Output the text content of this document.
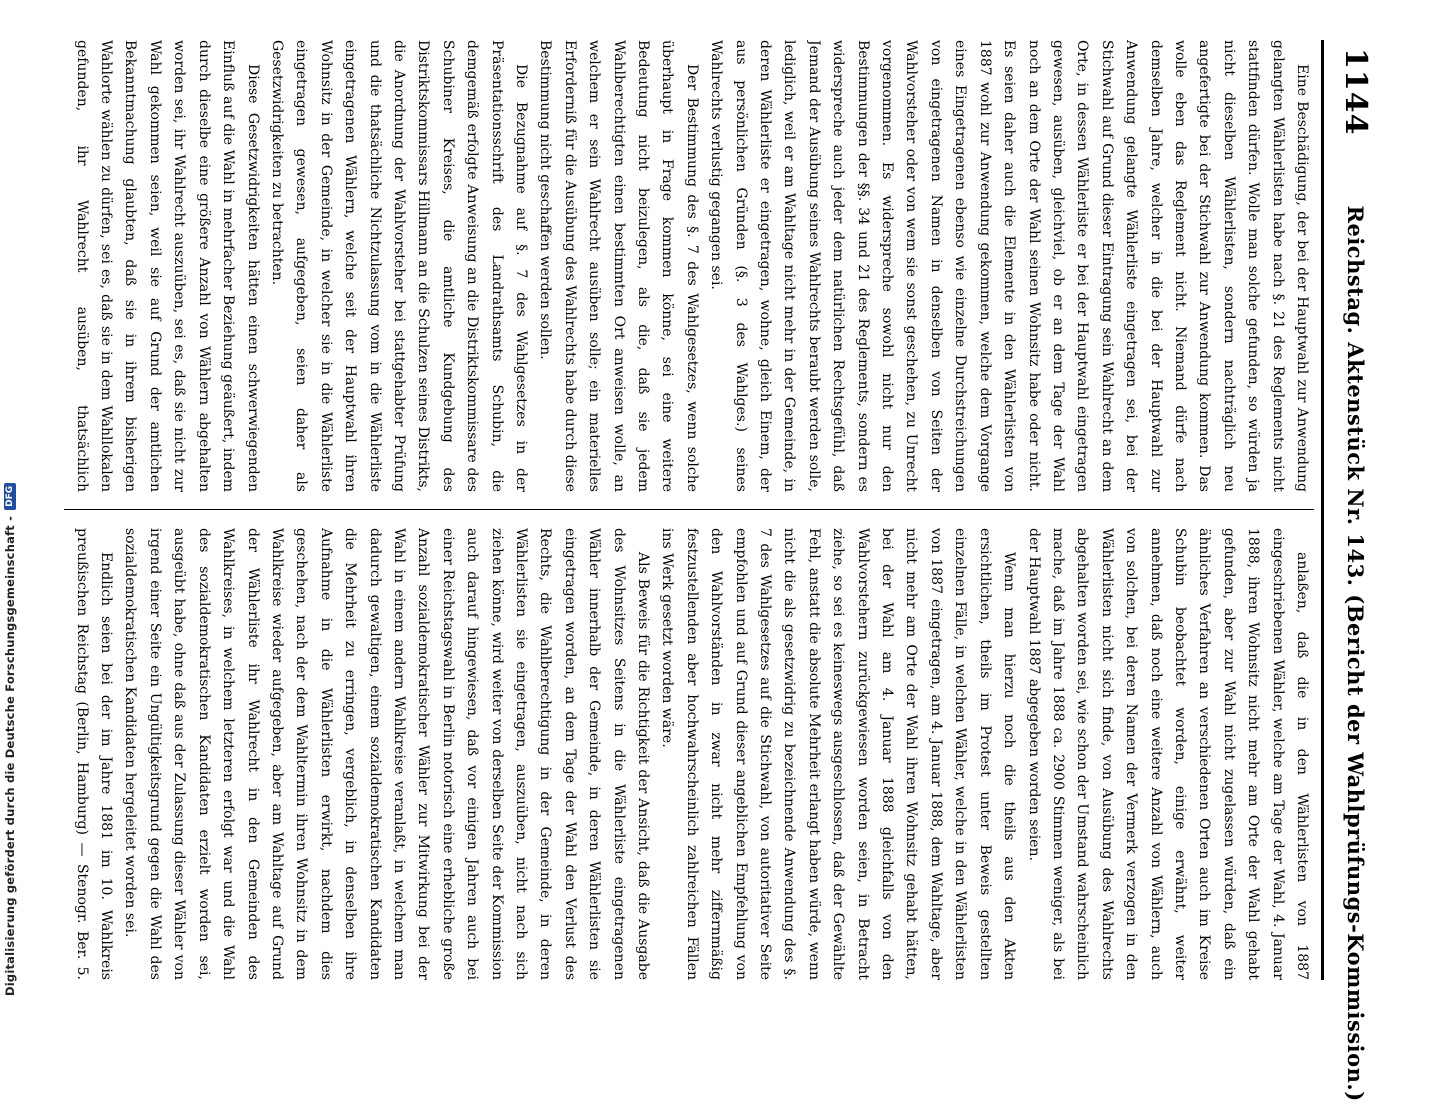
1144
Reichstag. Aktenstück Nr. 143. (Bericht der Wahlprüfungs-Kommission.)

Eine Beschädigung, der bei der Hauptwahl zur Anwendung gelangten Wählerlisten habe nach §. 21 des Reglements nicht stattfinden dürfen. Wolle man solche gefunden, so würden ja nicht dieselben Wählerlisten, sondern nachträglich neu angefertigte bei der Stichwahl zur Anwendung kommen. Das wolle eben das Reglement nicht. Niemand dürfe nach demselben Jahre, welcher in die bei der Hauptwahl zur Anwendung gelangte Wählerliste eingetragen sei, bei der Stichwahl auf Grund dieser Eintragung sein Wahlrecht an dem Orte, in dessen Wählerliste er bei der Hauptwahl eingetragen gewesen, ausüben, gleichviel, ob er an dem Tage der Wahl noch an dem Orte der Wahl seinen Wohnsitz habe oder nicht. Es seien daher auch die Elemente in den Wählerlisten von 1887 wohl zur Anwendung gekommen, welche dem Vorgange eines Eingetragenen ebenso wie einzelne Durchstreichungen von eingetragenen Namen in denselben von Seiten der Wahlvorsteher oder von wem sie sonst geschehen, zu Unrecht vorgenommen. Es widerspreche sowohl nicht nur den Bestimmungen der §§. 34 und 21 des Reglements, sondern es widerspreche auch jeder dem natürlichen Rechtsgefühl, daß Jemand der Ausübung seines Wahlrechts beraubt werden solle, lediglich, weil er am Wahltage nicht mehr in der Gemeinde, in deren Wählerliste er eingetragen, wohne, gleich Einem, der aus persönlichen Gründen (§. 3 des Wahlges.) seines Wahlrechts verlustig gegangen sei.

Der Bestimmung des §. 7 des Wahlgesetzes, wenn solche überhaupt in Frage kommen könne, sei eine weitere Bedeutung nicht beizulegen, als die, daß sie jedem Wahlberechtigten einen bestimmten Ort anweisen wolle, an welchem er sein Wahlrecht ausüben solle; ein materielles Erforderniß für die Ausübung des Wahlrechts habe durch diese Bestimmung nicht geschaffen werden sollen.

Die Bezugnahme auf §. 7 des Wahlgesetzes in der Präsentationsschrift des Landrathsamts Schubin, die demgemäß erfolgte Anweisung an die Distriktskommissare des Schubiner Kreises, die amtliche Kundgebung des Distriktskommissars Hillmann an die Schulzen seines Distrikts, die Anordnung der Wahlvorsteher bei stattgehabter Prüfung und die thatsächliche Nichtzulassung vom in die Wählerliste eingetragenen Wählern, welche seit der Hauptwahl ihren Wohnsitz in der Gemeinde, in welcher sie in die Wählerliste eingetragen gewesen, aufgegeben, seien daher als Gesetzwidrigkeiten zu betrachten.

Diese Gesetzwidrigkeiten hätten einen schwerwiegenden Einfluß auf die Wahl in mehrfacher Beziehung geäußert, indem durch dieselbe eine größere Anzahl von Wählern abgehalten worden sei, ihr Wahlrecht auszuüben, sei es, daß sie nicht zur Wahl gekommen seien, weil sie auf Grund der amtlichen Bekanntmachung glaubten, daß sie in ihrem bisherigen Wahlorte wählen zu dürfen, sei es, daß sie in dem Wahllokalen gefunden, ihr Wahlrecht ausüben, thatsächlich

anlaßen, daß die in den Wählerlisten von 1887 eingeschriebenen Wähler, welche am Tage der Wahl, 4. Januar 1888, ihren Wohnsitz nicht mehr am Orte der Wahl gehabt gefunden, aber zur Wahl nicht zugelassen würden, daß ein ähnliches Verfahren an verschiedenen Orten auch im Kreise Schubin beobachtet worden, einige erwähnt, weiter annehmen, daß noch eine weitere Anzahl von Wählern, auch von solchen, bei deren Namen der Vermerk verzogen in den Wählerlisten nicht sich finde, von Ausübung des Wahlrechts abgehalten worden sei, wie schon der Umstand wahrscheinlich mache, daß im Jahre 1888 ca. 2900 Stimmen weniger, als bei der Hauptwahl 1887 abgegeben worden seien.

Wenn man hierzu noch die theils aus den Akten ersichtlichen, theils im Protest unter Beweis gestellten einzelnen Fälle, in welchen Wähler, welche in den Wählerlisten von 1887 eingetragen, am 4. Januar 1888, dem Wahltage, aber nicht mehr am Orte der Wahl ihren Wohnsitz gehabt hätten, bei der Wahl am 4. Januar 1888 gleichfalls von den Wahlvorstehern zurückgewiesen worden seien, in Betracht ziehe, so sei es keineswegs ausgeschlossen, daß der Gewählte Fehl, anstatt die absolute Mehrheit erlangt haben würde, wenn nicht die als gesetzwidrig zu bezeichnende Anwendung des §. 7 des Wahlgesetzes auf die Stichwahl, von autoritativer Seite empfohlen und auf Grund dieser angeblichen Empfehlung von den Wahlvorständen in zwar nicht mehr ziffernmäßig festzustellenden aber hochwahrscheinlich zahlreichen Fällen ins Werk gesetzt worden wäre.

Als Beweis für die Richtigkeit der Ansicht, daß die Ausgabe des Wohnsitzes Seitens in die Wählerliste eingetragenen Wähler innerhalb der Gemeinde, in deren Wählerlisten sie eingetragen worden, an dem Tage der Wahl den Verlust des Rechts, die Wahlberechtigung in der Gemeinde, in deren Wählerlisten sie eingetragen, auszuüben, nicht nach sich ziehen könne, wird weiter von derselben Seite der Kommission auch darauf hingewiesen, daß vor einigen Jahren auch bei einer Reichstagswahl in Berlin notorisch eine erhebliche große Anzahl sozialdemokratischer Wähler zur Mitwirkung bei der Wahl in einem andern Wahlkreise veranlaßt, in welchem man dadurch gewaltigen, einem sozialdemokratischen Kandidaten die Mehrheit zu erringen, vergeblich, in denselben ihre Aufnahme in die Wählerlisten erwirkt, nachdem dies geschehen, nach der dem Wahltermin ihren Wohnsitz in dem Wahlkreise wieder aufgegeben, aber am Wahltage auf Grund der Wählerliste ihr Wahlrecht in den Gemeinden des Wahlkreises, in welchem letzteren erfolgt war und die Wahl des sozialdemokratischen Kandidaten erzielt worden sei, ausgeübt habe, ohne daß aus der Zulassung dieser Wähler von irgend einer Seite ein Ungültigkeitsgrund gegen die Wahl des sozialdemokratischen Kandidaten hergeleitet worden sei.

Endlich seien bei der im Jahre 1881 im 10. Wahlkreis preußischen Reichstag (Berlin, Hamburg) — Stenogr. Ber. 5.

Digitalisierung gefördert durch die Deutsche Forschungsgemeinschaft -
DFG
